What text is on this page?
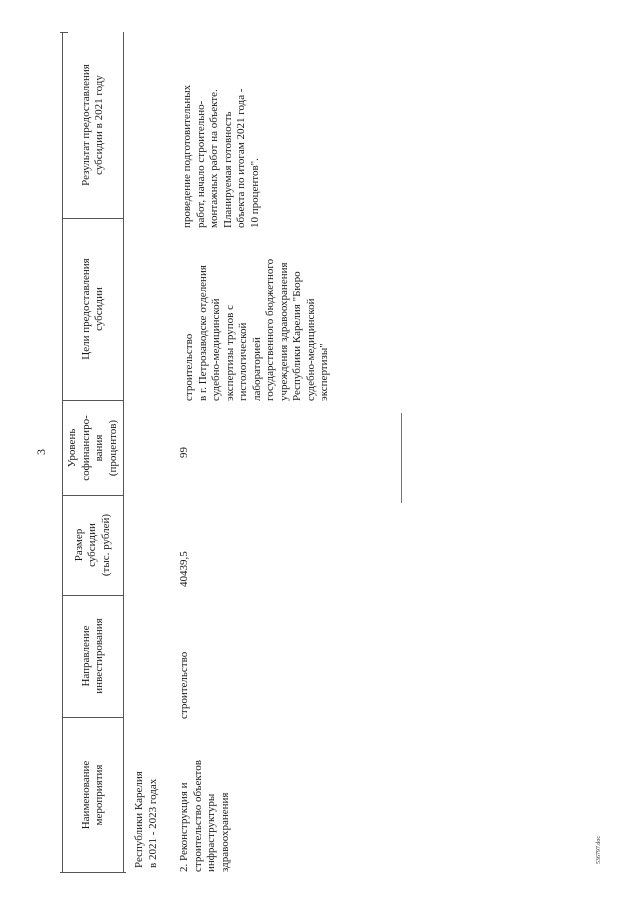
3
Наименование мероприятия
Направление инвестирования
Размер субсидии (тыс. рублей)
Уровень софинансиро- вания (процентов)
Цели предоставления субсидии
Результат предоставления субсидии в 2021 году
Республики Карелия в 2021 - 2023 годах 2. Реконструкция и строительство объектов инфраструктуры здравоохранения
строительство
40439,5
99
строительство в г. Петрозаводске отделения судебно-медицинской экспертизы трупов с гистологической лабораторией государственного бюджетного учреждения здравоохранения Республики Карелия "Бюро судебно-медицинской экспертизы"
проведение подготовительных работ, начало строительно- монтажных работ на объекте. Планируемая готовность объекта по итогам 2021 года - 10 процентов".
536797.doc
